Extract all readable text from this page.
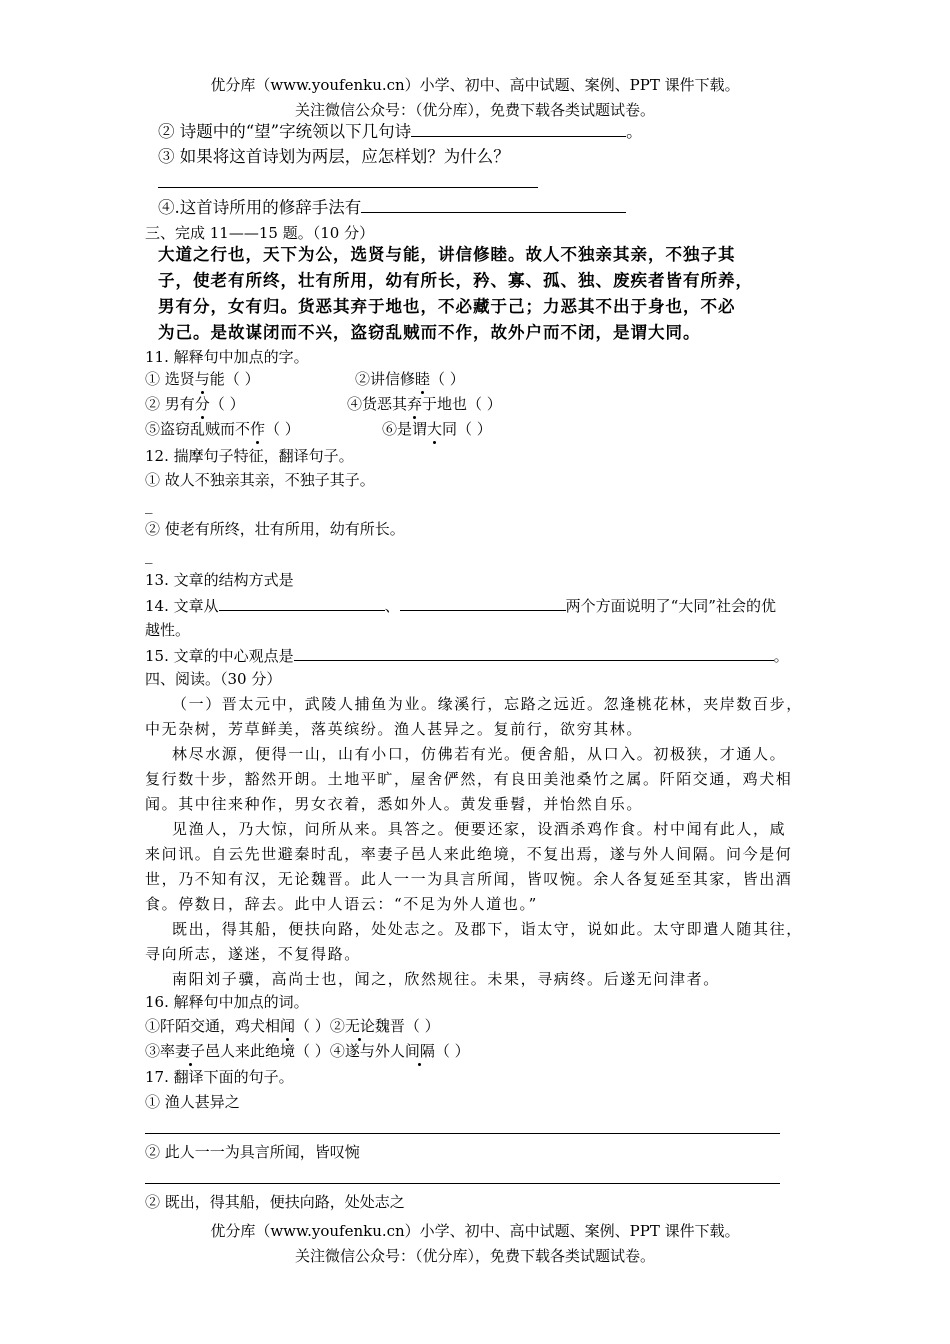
优分库（www.youfenku.cn）小学、初中、高中试题、案例、PPT 课件下载。
关注微信公众号：（优分库），免费下载各类试题试卷。
② 诗题中的“望”字统领以下几句诗	。
③ 如果将这首诗划为两层，应怎样划？为什么？
④.这首诗所用的修辞手法有
三、完成 11——15 题。（10 分）
大道之行也，天下为公，选贤与能，讲信修睦。故人不独亲其亲，不独子其
子，使老有所终，壮有所用，幼有所长，矜、寡、孤、独、废疾者皆有所养，
男有分，女有归。货恶其弃于地也，不必藏于己；力恶其不出于身也，不必
为己。是故谋闭而不兴，盗窃乱贼而不作，故外户而不闭，是谓大同。
11. 解释句中加点的字。
① 选贤与能（ ）	②讲信修睦（ ）
② 男有分（ ）	④货恶其弃于地也（ ）
⑤盗窃乱贼而不作（ ）	⑥是谓大同（ ）
12. 揣摩句子特征，翻译句子。
① 故人不独亲其亲，不独子其子。
_
② 使老有所终，壮有所用，幼有所长。
_
13. 文章的结构方式是
14. 文章从	、	两个方面说明了“大同”社会的优
越性。
15. 文章的中心观点是	。
四、阅读。（30 分）
（一）晋太元中，武陵人捕鱼为业。缘溪行，忘路之远近。忽逢桃花林，夹岸数百步，
中无杂树，芳草鲜美，落英缤纷。渔人甚异之。复前行，欲穷其林。
林尽水源，便得一山，山有小口，仿佛若有光。便舍船，从口入。初极狭，才通人。
复行数十步，豁然开朗。土地平旷，屋舍俨然，有良田美池桑竹之属。阡陌交通，鸡犬相
闻。其中往来种作，男女衣着，悉如外人。黄发垂髫，并怡然自乐。
见渔人，乃大惊，问所从来。具答之。便要还家，设酒杀鸡作食。村中闻有此人，咸
来问讯。自云先世避秦时乱，率妻子邑人来此绝境，不复出焉，遂与外人间隔。问今是何
世，乃不知有汉，无论魏晋。此人一一为具言所闻，皆叹惋。余人各复延至其家，皆出酒
食。停数日，辞去。此中人语云：“不足为外人道也。”
既出，得其船，便扶向路，处处志之。及郡下，诣太守，说如此。太守即遣人随其往，
寻向所志，遂迷，不复得路。
南阳刘子骥，高尚士也，闻之，欣然规往。未果，寻病终。后遂无问津者。
16. 解释句中加点的词。
①阡陌交通，鸡犬相闻（ ）②无论魏晋（ ）
③率妻子邑人来此绝境（ ）④遂与外人间隔（ ）
17. 翻译下面的句子。
① 渔人甚异之
② 此人一一为具言所闻，皆叹惋
② 既出，得其船，便扶向路，处处志之
优分库（www.youfenku.cn）小学、初中、高中试题、案例、PPT 课件下载。
关注微信公众号：（优分库），免费下载各类试题试卷。
